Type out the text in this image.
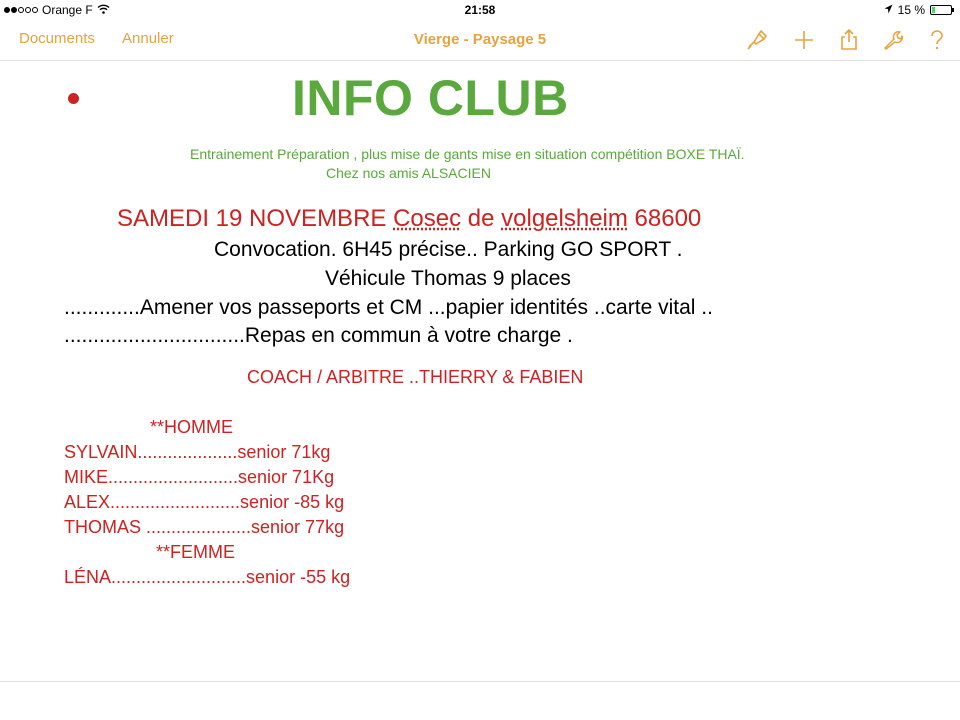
Orange F	21:58	15 %
Documents Annuler	Vierge - Paysage 5
INFO CLUB
Entrainement Préparation , plus mise de gants mise en situation compétition BOXE THAÏ.
Chez nos amis ALSACIEN
SAMEDI 19 NOVEMBRE Cosec de volgelsheim 68600
Convocation. 6H45 précise.. Parking GO SPORT .
Véhicule Thomas 9 places
.............Amener vos passeports et CM ...papier identités ..carte vital ..
...............................Repas en commun à votre charge .
COACH / ARBITRE ..THIERRY & FABIEN
**HOMME
SYLVAIN....................senior 71kg
MIKE..........................senior 71Kg
ALEX..........................senior -85 kg
THOMAS .....................senior 77kg
**FEMME
LÉNA...........................senior -55 kg
